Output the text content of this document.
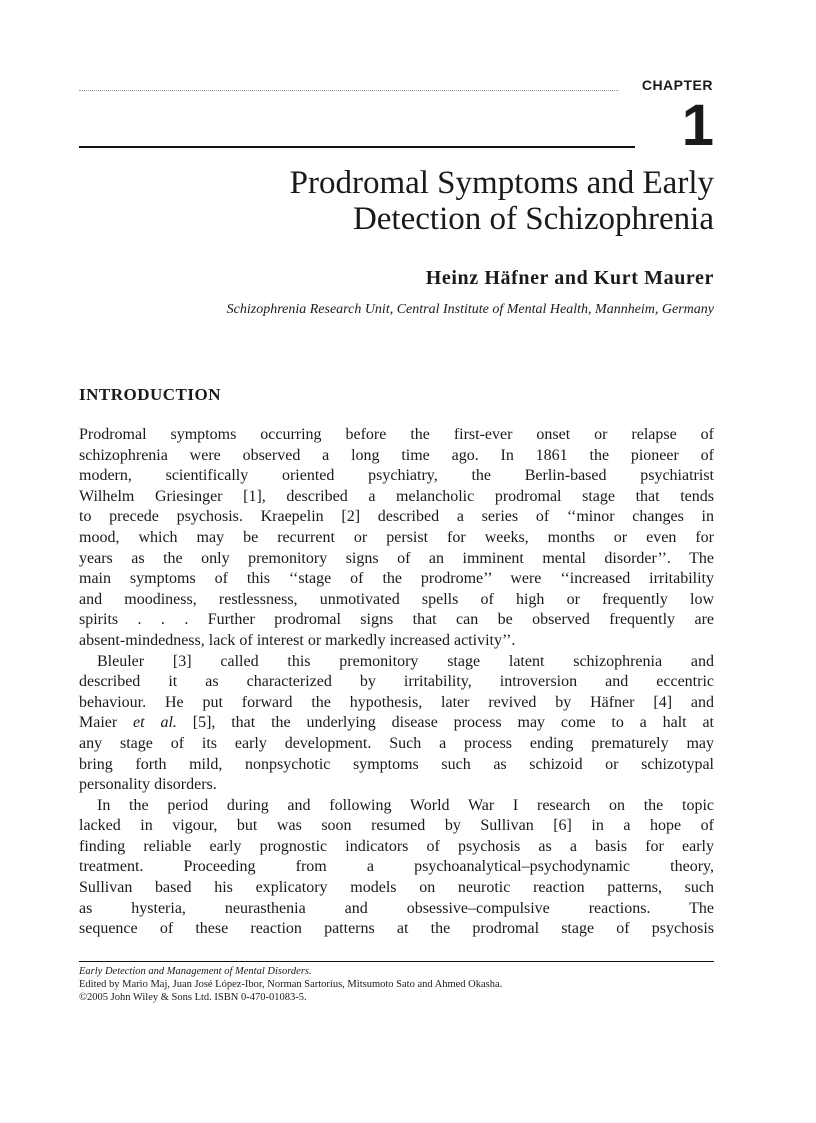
CHAPTER
1
Prodromal Symptoms and Early
Detection of Schizophrenia
Heinz Häfner and Kurt Maurer
Schizophrenia Research Unit, Central Institute of Mental Health, Mannheim, Germany
INTRODUCTION
Prodromal symptoms occurring before the first-ever onset or relapse of
schizophrenia were observed a long time ago. In 1861 the pioneer of
modern, scientifically oriented psychiatry, the Berlin-based psychiatrist
Wilhelm Griesinger [1], described a melancholic prodromal stage that tends
to precede psychosis. Kraepelin [2] described a series of ‘‘minor changes in
mood, which may be recurrent or persist for weeks, months or even for
years as the only premonitory signs of an imminent mental disorder’’. The
main symptoms of this ‘‘stage of the prodrome’’ were ‘‘increased irritability
and moodiness, restlessness, unmotivated spells of high or frequently low
spirits . . . Further prodromal signs that can be observed frequently are
absent-mindedness, lack of interest or markedly increased activity’’.
Bleuler [3] called this premonitory stage latent schizophrenia and
described it as characterized by irritability, introversion and eccentric
behaviour. He put forward the hypothesis, later revived by Häfner [4] and
Maier et al. [5], that the underlying disease process may come to a halt at
any stage of its early development. Such a process ending prematurely may
bring forth mild, nonpsychotic symptoms such as schizoid or schizotypal
personality disorders.
In the period during and following World War I research on the topic
lacked in vigour, but was soon resumed by Sullivan [6] in a hope of
finding reliable early prognostic indicators of psychosis as a basis for early
treatment. Proceeding from a psychoanalytical–psychodynamic theory,
Sullivan based his explicatory models on neurotic reaction patterns, such
as hysteria, neurasthenia and obsessive–compulsive reactions. The
sequence of these reaction patterns at the prodromal stage of psychosis
Early Detection and Management of Mental Disorders.
Edited by Mario Maj, Juan José López-Ibor, Norman Sartorius, Mitsumoto Sato and Ahmed Okasha.
©2005 John Wiley & Sons Ltd. ISBN 0-470-01083-5.
